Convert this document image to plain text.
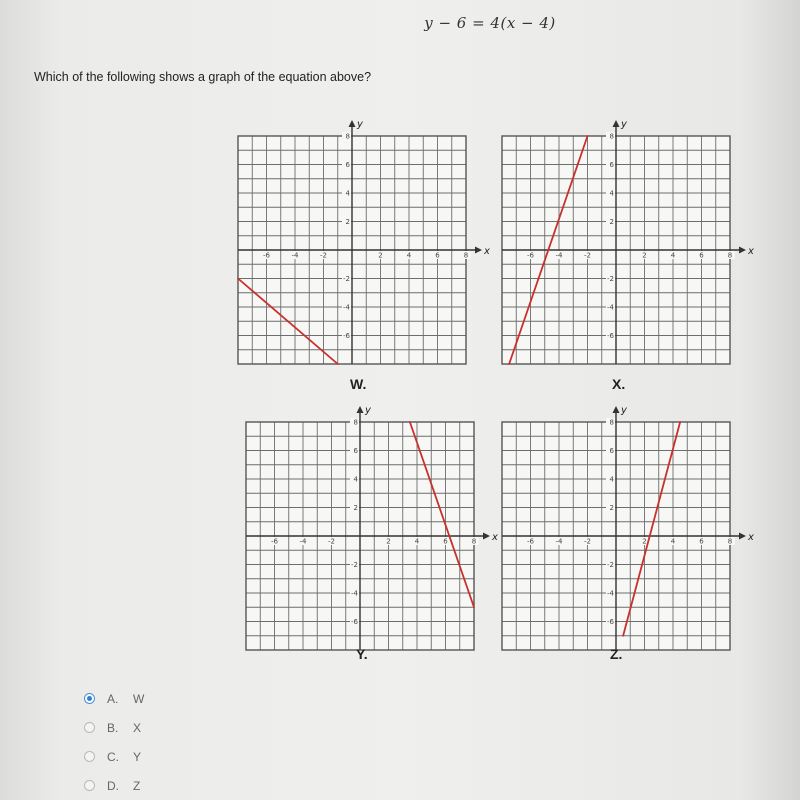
y − 6 = 4(x − 4)
Which of the following shows a graph of the equation above?
x
y
-6	-4	-2	2	4	6	8
-6
-4
-2
2
4
6
8
x
y
-6	-4	-2	2	4	6	8
-6
-4
-2
2
4
6
8
x
y
-6	-4	-2	2	4	6	8
-6
-4
-2
2
4
6
8
x
y
-6	-4	-2	2	4	6	8
-6
-4
-2
2
4
6
8
W.	X.
Y.	Z.
A.	W
B.	X
C.	Y
D.	Z
